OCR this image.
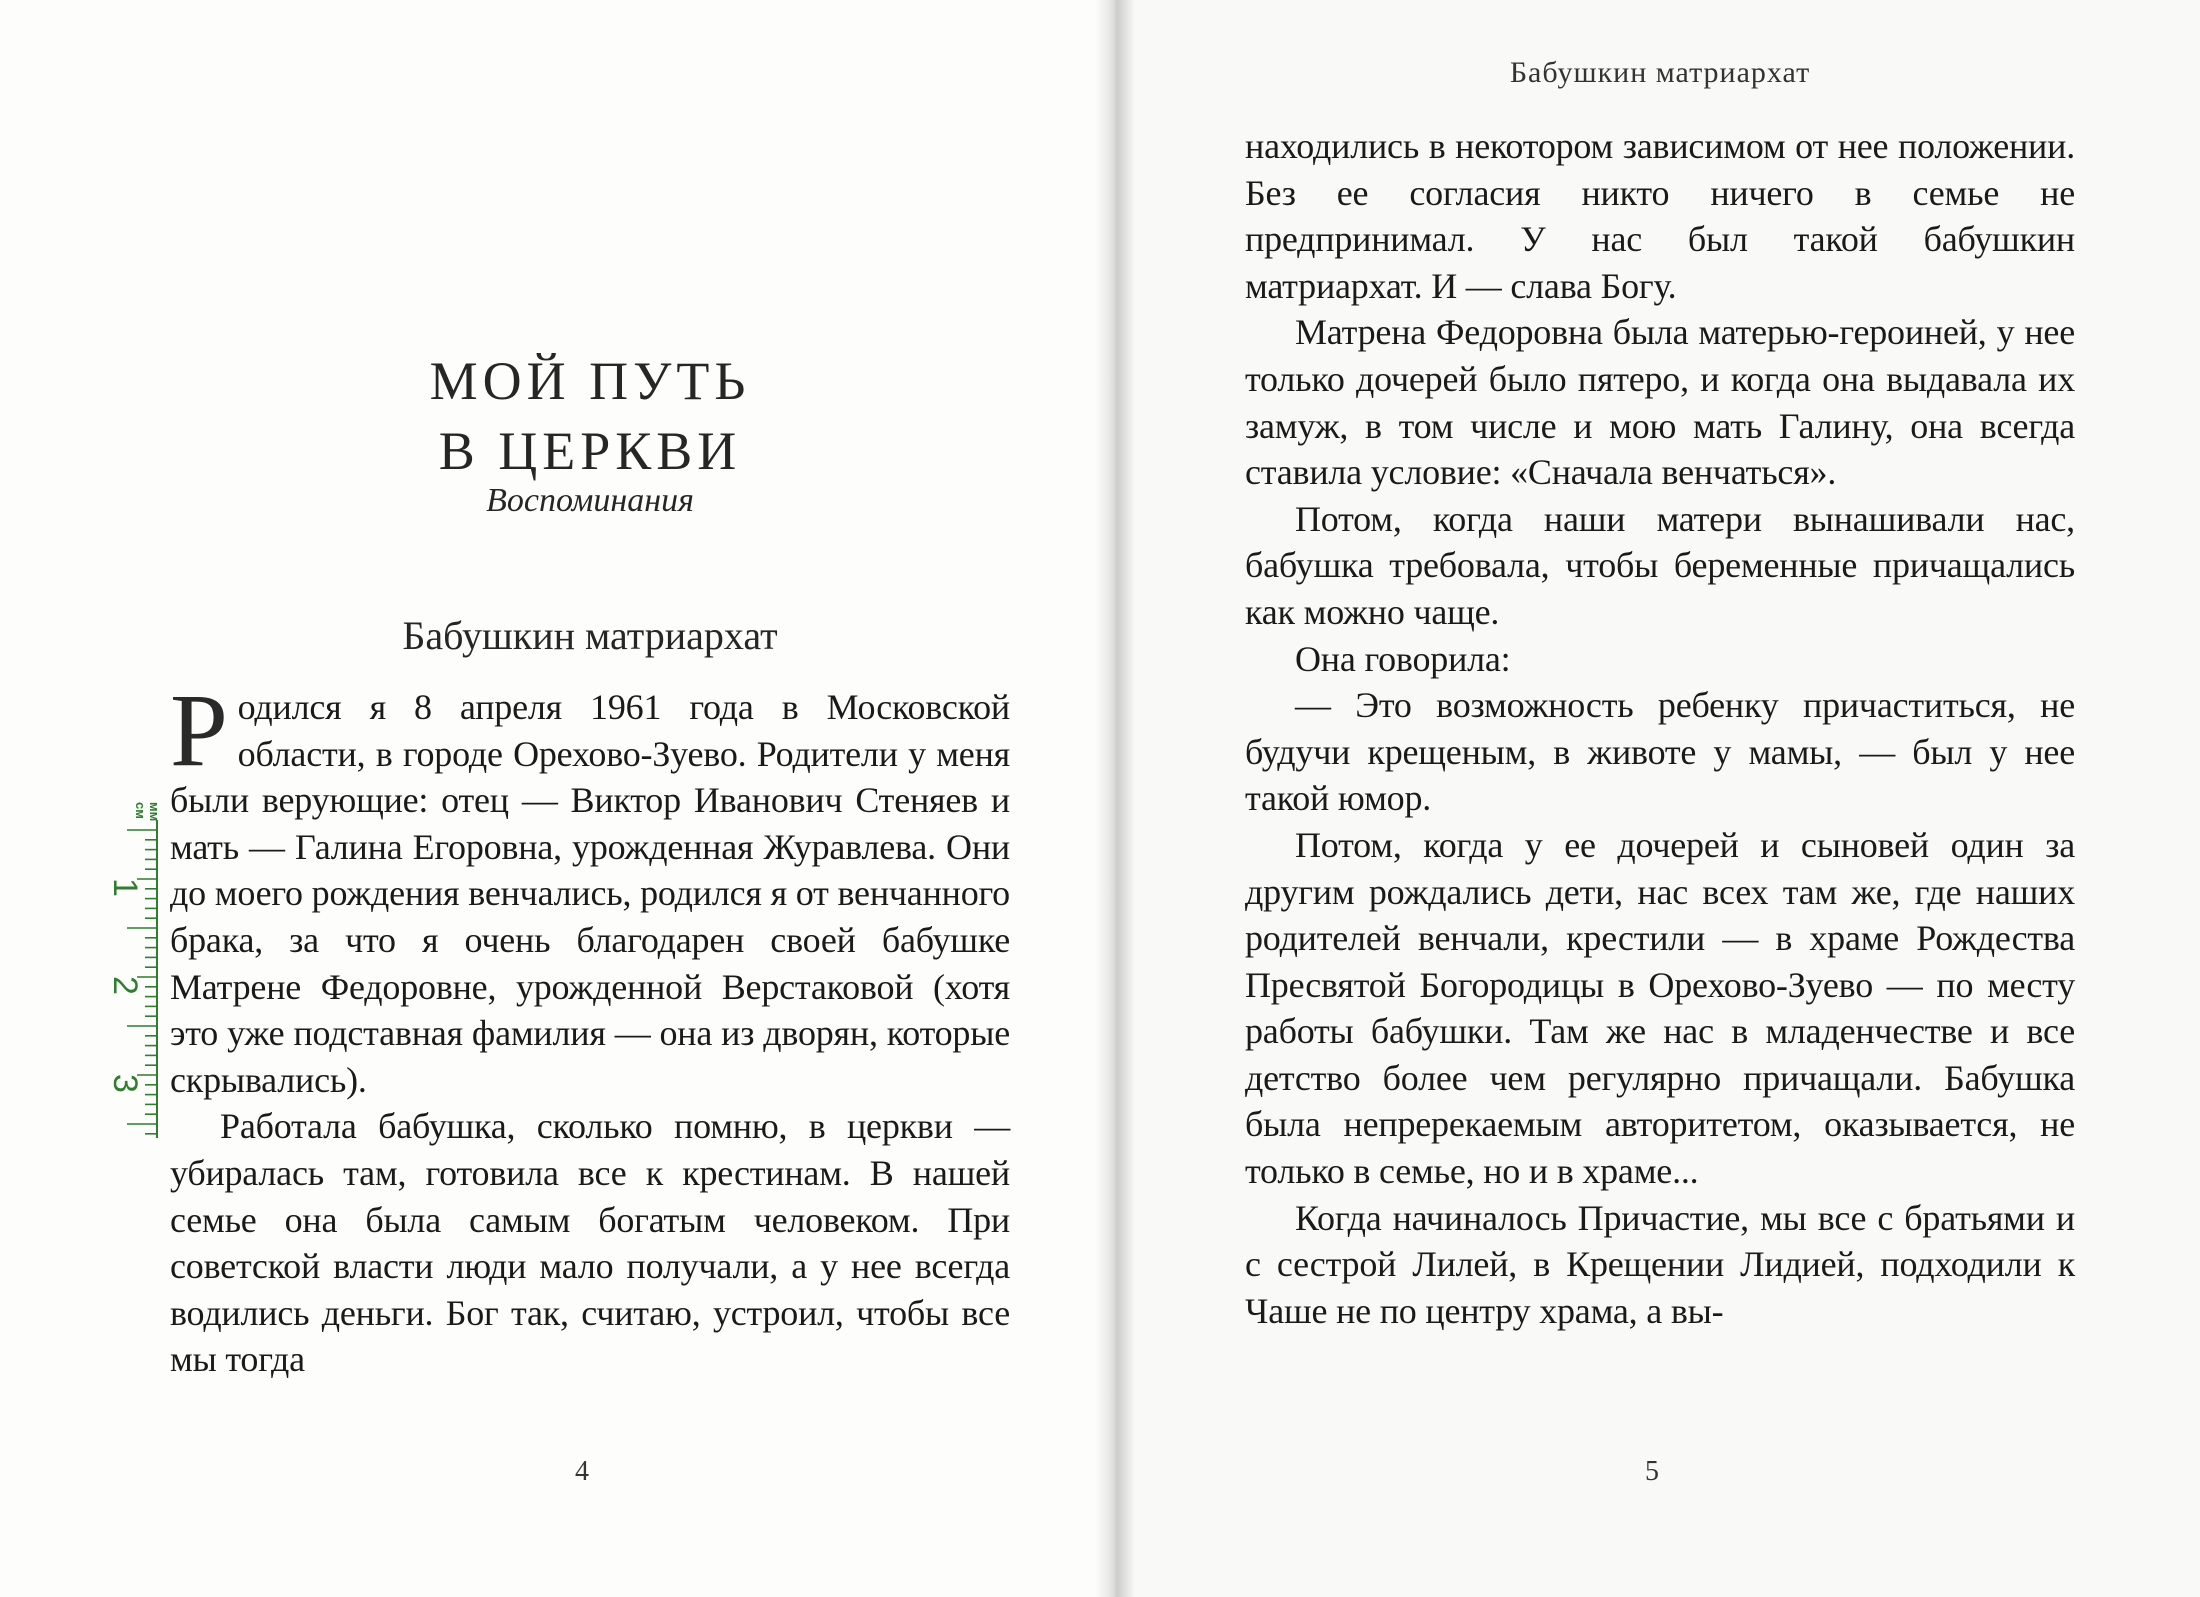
МОЙ ПУТЬ
В ЦЕРКВИ
Воспоминания
Бабушкин матриархат

Родился я 8 апреля 1961 года в Московской области, в городе Орехово-Зуево. Родители у меня были верующие: отец — Виктор Иванович Стеняев и мать — Галина Егоровна, урожденная Журавлева. Они до моего рождения венчались, родился я от венчанного брака, за что я очень благодарен своей бабушке Матрене Федоровне, урожденной Верстаковой (хотя это уже подставная фамилия — она из дворян, которые скрывались).

Работала бабушка, сколько помню, в церкви — убиралась там, готовила все к крестинам. В нашей семье она была самым богатым человеком. При советской власти люди мало получали, а у нее всегда водились деньги. Бог так, считаю, устроил, чтобы все мы тогда

4
Бабушкин матриархат

находились в некотором зависимом от нее положении. Без ее согласия никто ничего в семье не предпринимал. У нас был такой бабушкин матриархат. И — слава Богу.

Матрена Федоровна была матерью-героиней, у нее только дочерей было пятеро, и когда она выдавала их замуж, в том числе и мою мать Галину, она всегда ставила условие: «Сначала венчаться».

Потом, когда наши матери вынашивали нас, бабушка требовала, чтобы беременные причащались как можно чаще.

Она говорила:

— Это возможность ребенку причаститься, не будучи крещеным, в животе у мамы, — был у нее такой юмор.

Потом, когда у ее дочерей и сыновей один за другим рождались дети, нас всех там же, где наших родителей венчали, крестили — в храме Рождества Пресвятой Богородицы в Орехово-Зуево — по месту работы бабушки. Там же нас в младенчестве и все детство более чем регулярно причащали. Бабушка была непререкаемым авторитетом, оказывается, не только в семье, но и в храме...

Когда начиналось Причастие, мы все с братьями и с сестрой Лилей, в Крещении Лидией, подходили к Чаше не по центру храма, а вы-

5
мм
см
1
2
3
